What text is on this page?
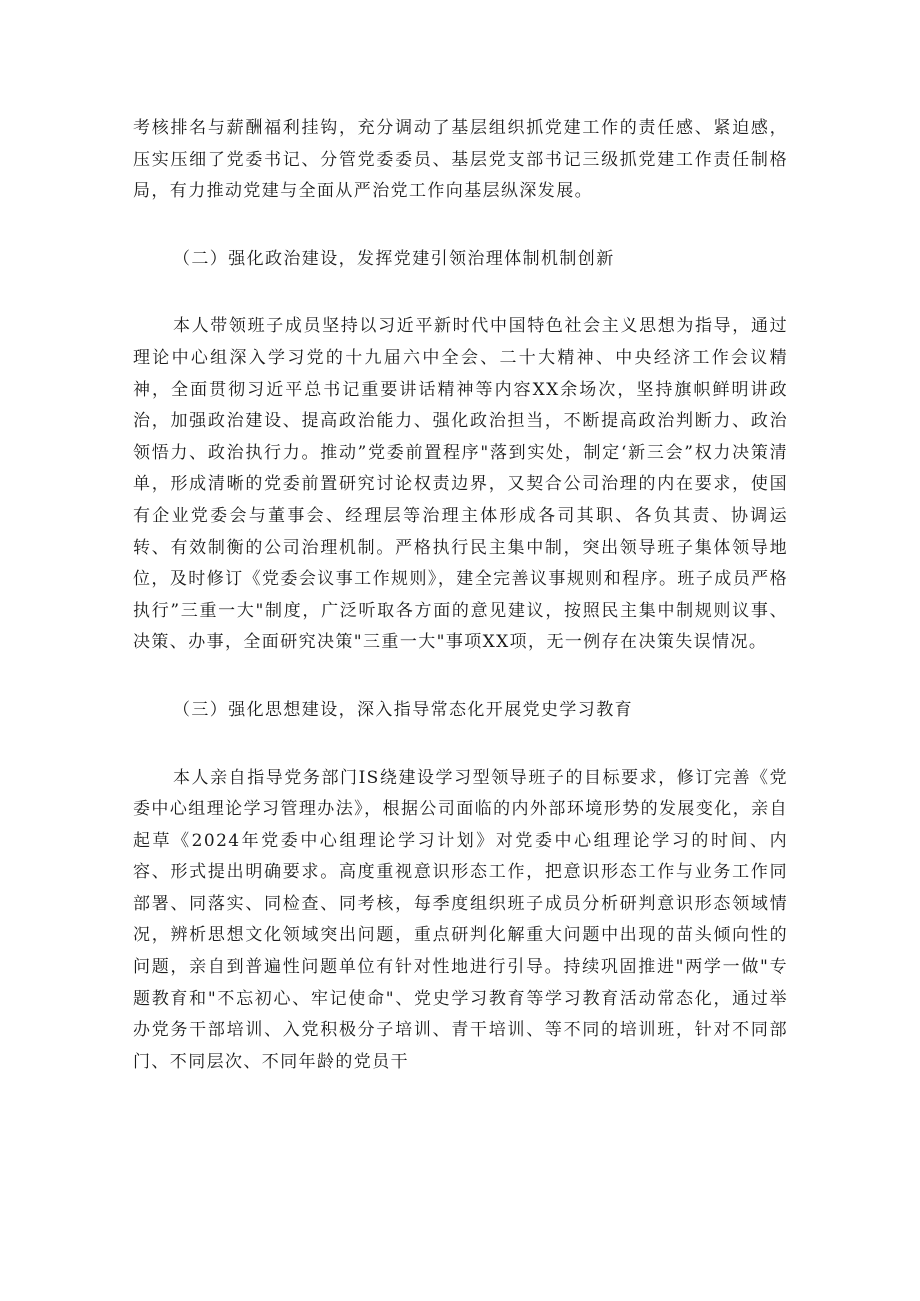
考核排名与薪酬福利挂钩，充分调动了基层组织抓党建工作的责任感、紧迫感，压实压细了党委书记、分管党委委员、基层党支部书记三级抓党建工作责任制格局，有力推动党建与全面从严治党工作向基层纵深发展。

（二）强化政治建设，发挥党建引领治理体制机制创新

本人带领班子成员坚持以习近平新时代中国特色社会主义思想为指导，通过理论中心组深入学习党的十九届六中全会、二十大精神、中央经济工作会议精神，全面贯彻习近平总书记重要讲话精神等内容XX余场次，坚持旗帜鲜明讲政治，加强政治建设、提高政治能力、强化政治担当，不断提高政治判断力、政治领悟力、政治执行力。推动”党委前置程序"落到实处，制定‘新三会”权力决策清单，形成清晰的党委前置研究讨论权责边界，又契合公司治理的内在要求，使国有企业党委会与董事会、经理层等治理主体形成各司其职、各负其责、协调运转、有效制衡的公司治理机制。严格执行民主集中制，突出领导班子集体领导地位，及时修订《党委会议事工作规则》，建全完善议事规则和程序。班子成员严格执行”三重一大"制度，广泛听取各方面的意见建议，按照民主集中制规则议事、决策、办事，全面研究决策"三重一大"事项XX项，无一例存在决策失误情况。

（三）强化思想建设，深入指导常态化开展党史学习教育

本人亲自指导党务部门IS绕建设学习型领导班子的目标要求，修订完善《党委中心组理论学习管理办法》，根据公司面临的内外部环境形势的发展变化，亲自起草《2024年党委中心组理论学习计划》对党委中心组理论学习的时间、内容、形式提出明确要求。高度重视意识形态工作，把意识形态工作与业务工作同部署、同落实、同检查、同考核，每季度组织班子成员分析研判意识形态领域情况，辨析思想文化领域突出问题，重点研判化解重大问题中出现的苗头倾向性的问题，亲自到普遍性问题单位有针对性地进行引导。持续巩固推进"两学一做"专题教育和"不忘初心、牢记使命"、党史学习教育等学习教育活动常态化，通过举办党务干部培训、入党积极分子培训、青干培训、等不同的培训班，针对不同部门、不同层次、不同年龄的党员干
